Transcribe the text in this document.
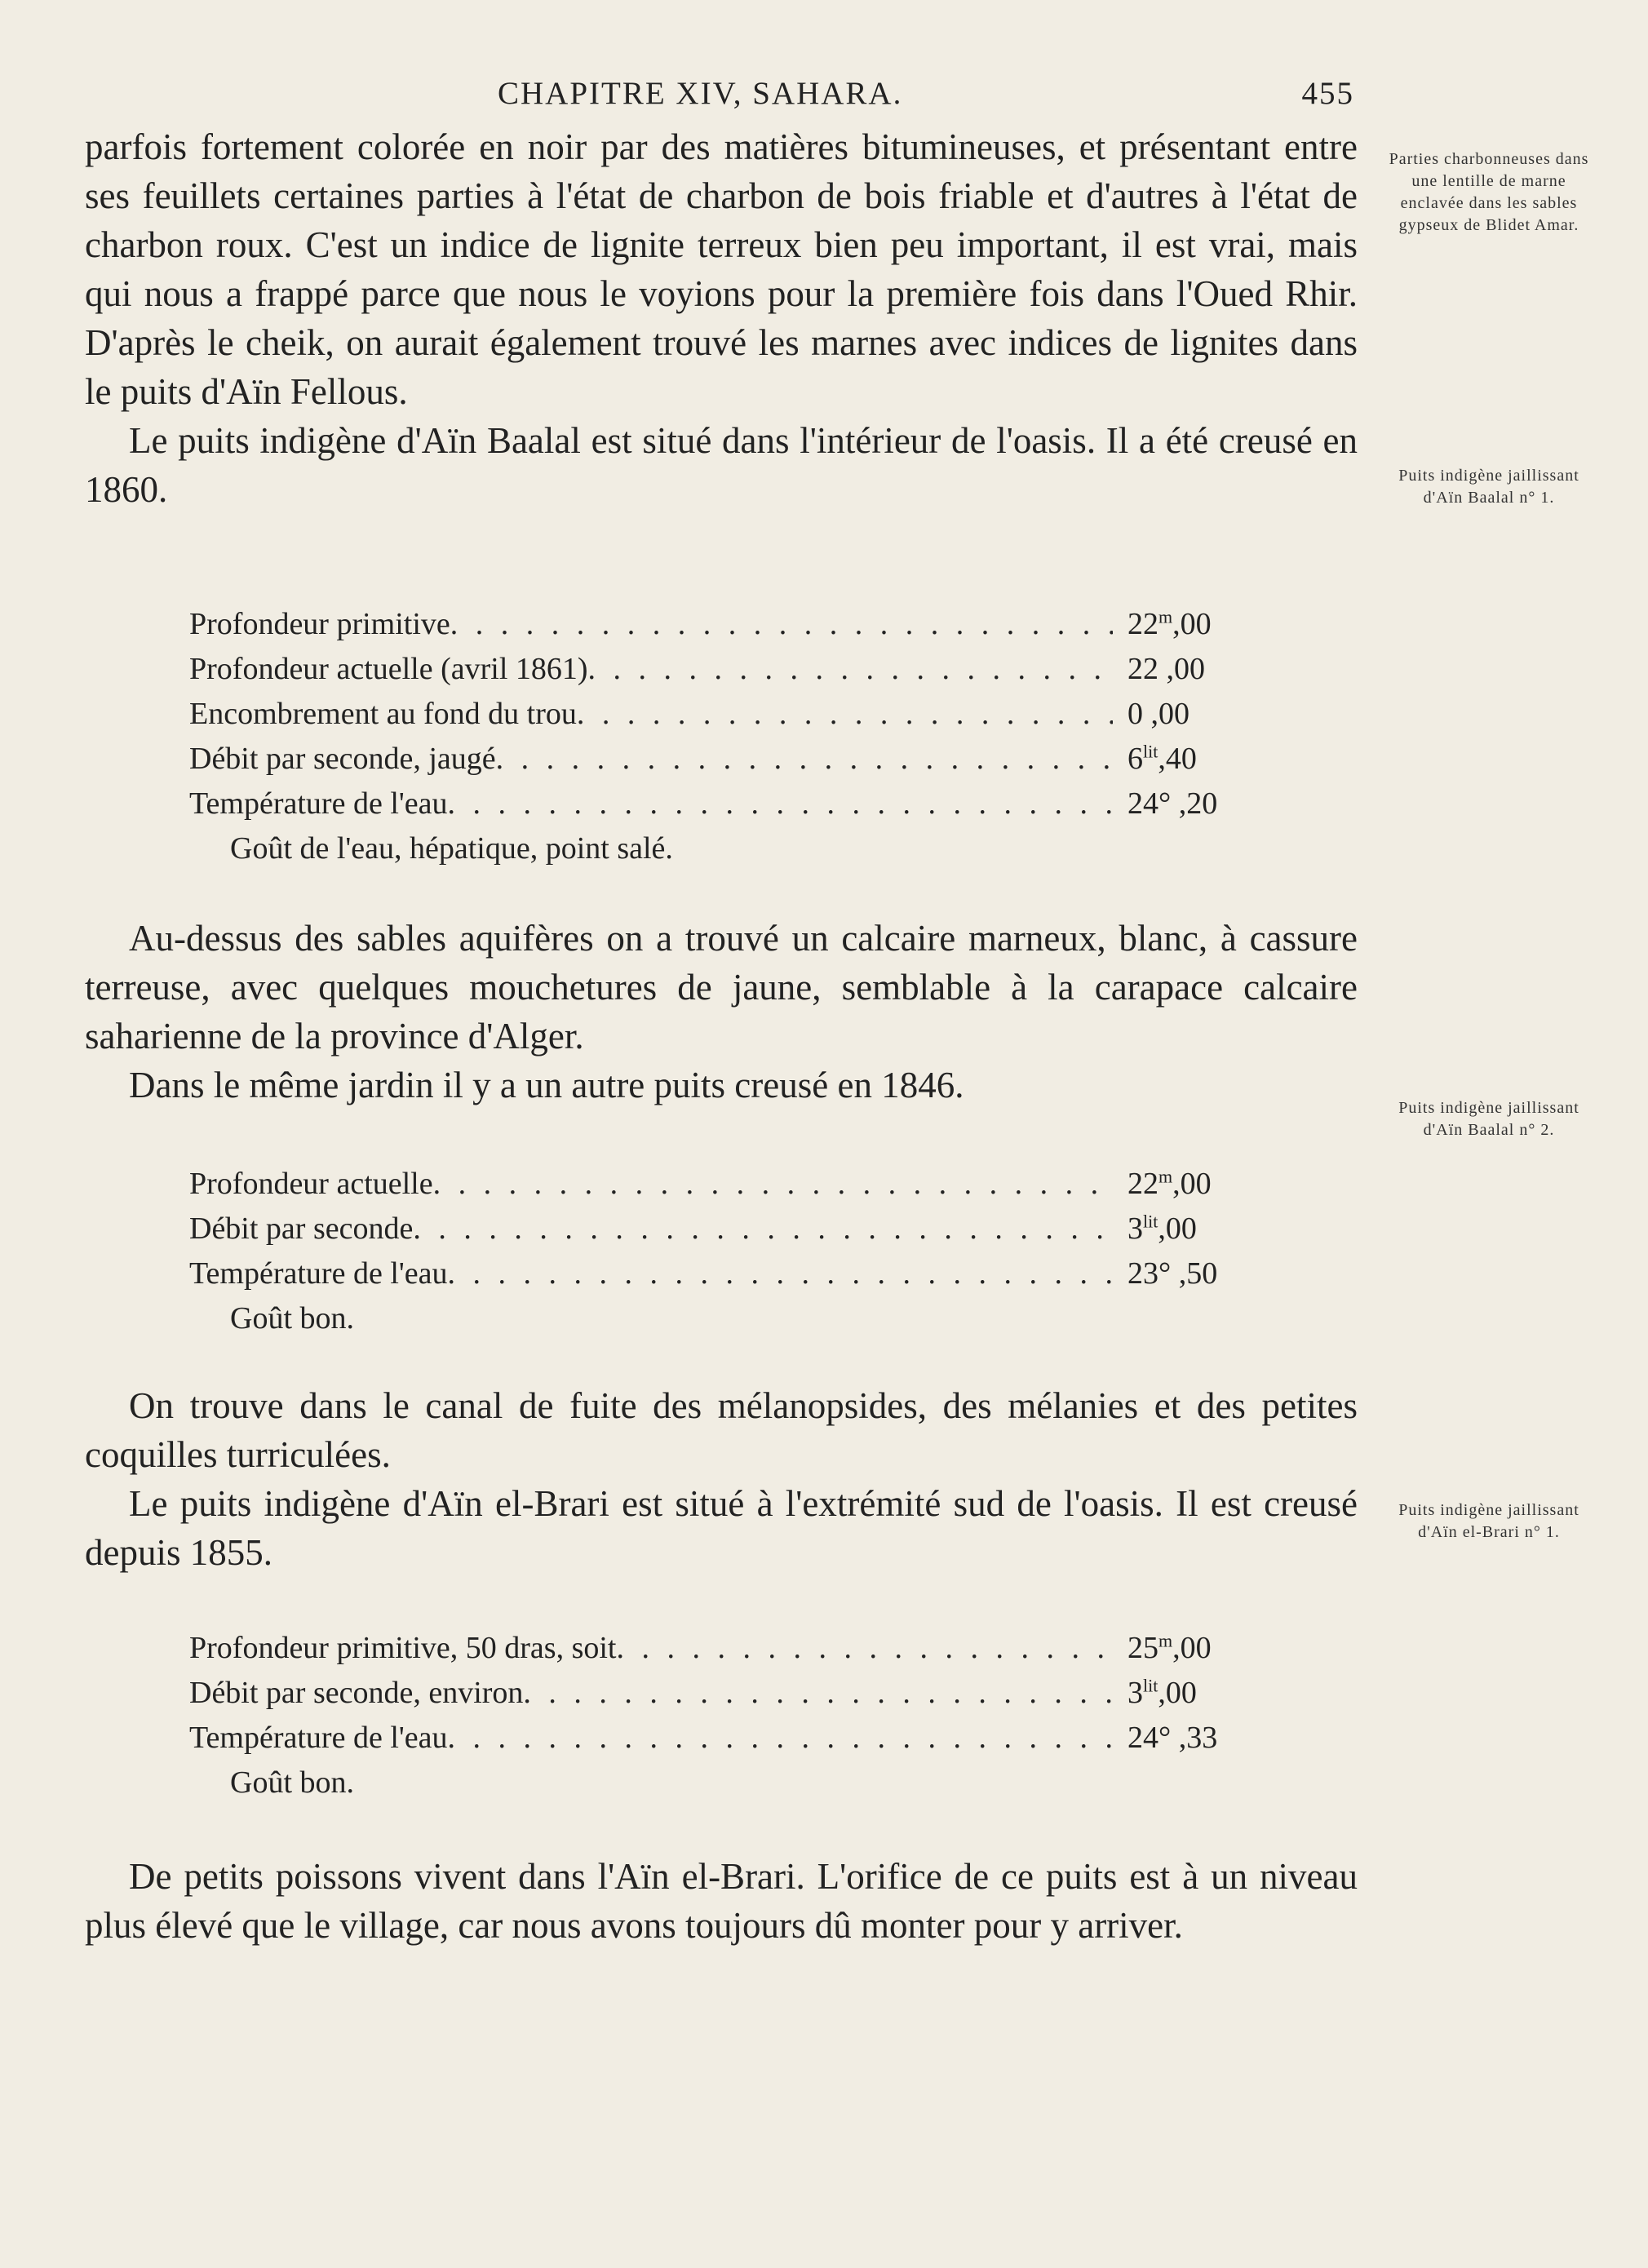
CHAPITRE XIV, SAHARA.	455
Parties charbonneuses dans une lentille de marne enclavée dans les sables gypseux de Blidet Amar.
Puits indigène jaillissant d'Aïn Baalal n° 1.
Puits indigène jaillissant d'Aïn Baalal n° 2.
Puits indigène jaillissant d'Aïn el-Brari n° 1.

parfois fortement colorée en noir par des matières bitumineuses, et présentant entre ses feuillets certaines parties à l'état de charbon de bois friable et d'autres à l'état de charbon roux. C'est un indice de lignite terreux bien peu important, il est vrai, mais qui nous a frappé parce que nous le voyions pour la première fois dans l'Oued Rhir. D'après le cheik, on aurait également trouvé les marnes avec indices de lignites dans le puits d'Aïn Fellous.

Le puits indigène d'Aïn Baalal est situé dans l'intérieur de l'oasis. Il a été creusé en 1860.

Profondeur primitive . . .	22$^m$,00
Profondeur actuelle (avril 1861) . . .	22 ,00
Encombrement au fond du trou . . .	0 ,00
Débit par seconde, jaugé . . .	$6^{lit},40$
Température de l'eau . . .	24° ,20
Goût de l'eau, hépatique, point salé.

Au-dessus des sables aquifères on a trouvé un calcaire marneux, blanc, à cassure terreuse, avec quelques mouchetures de jaune, semblable à la carapace calcaire saharienne de la province d'Alger.

Dans le même jardin il y a un autre puits creusé en 1846.

Profondeur actuelle . . .	22$^m$,00
Débit par seconde . . .	$3^{lit},00$
Température de l'eau . . .	23° ,50
Goût bon.

On trouve dans le canal de fuite des mélanopsides, des mélanies et des petites coquilles turriculées.

Le puits indigène d'Aïn el-Brari est situé à l'extrémité sud de l'oasis. Il est creusé depuis 1855.

Profondeur primitive, 50 dras, soit . . .	25$^m$,00
Débit par seconde, environ . . .	$3^{lit},00$
Température de l'eau . . .	24° ,33
Goût bon.

De petits poissons vivent dans l'Aïn el-Brari. L'orifice de ce puits est à un niveau plus élevé que le village, car nous avons toujours dû monter pour y arriver.
